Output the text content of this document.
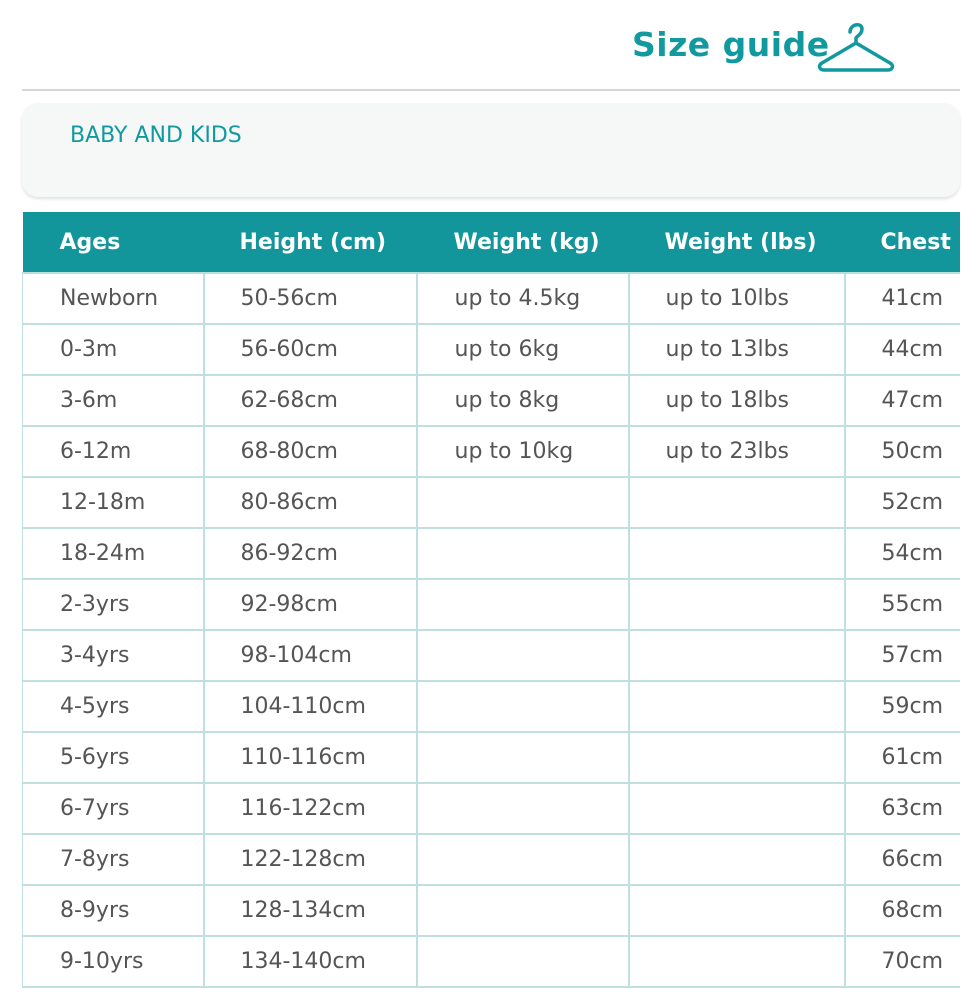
Size guide
BABY AND KIDS
Ages	Height (cm)	Weight (kg)	Weight (lbs)	Chest
Newborn	50-56cm	up to 4.5kg	up to 10lbs	41cm
0-3m	56-60cm	up to 6kg	up to 13lbs	44cm
3-6m	62-68cm	up to 8kg	up to 18lbs	47cm
6-12m	68-80cm	up to 10kg	up to 23lbs	50cm
12-18m	80-86cm			52cm
18-24m	86-92cm			54cm
2-3yrs	92-98cm			55cm
3-4yrs	98-104cm			57cm
4-5yrs	104-110cm			59cm
5-6yrs	110-116cm			61cm
6-7yrs	116-122cm			63cm
7-8yrs	122-128cm			66cm
8-9yrs	128-134cm			68cm
9-10yrs	134-140cm			70cm
